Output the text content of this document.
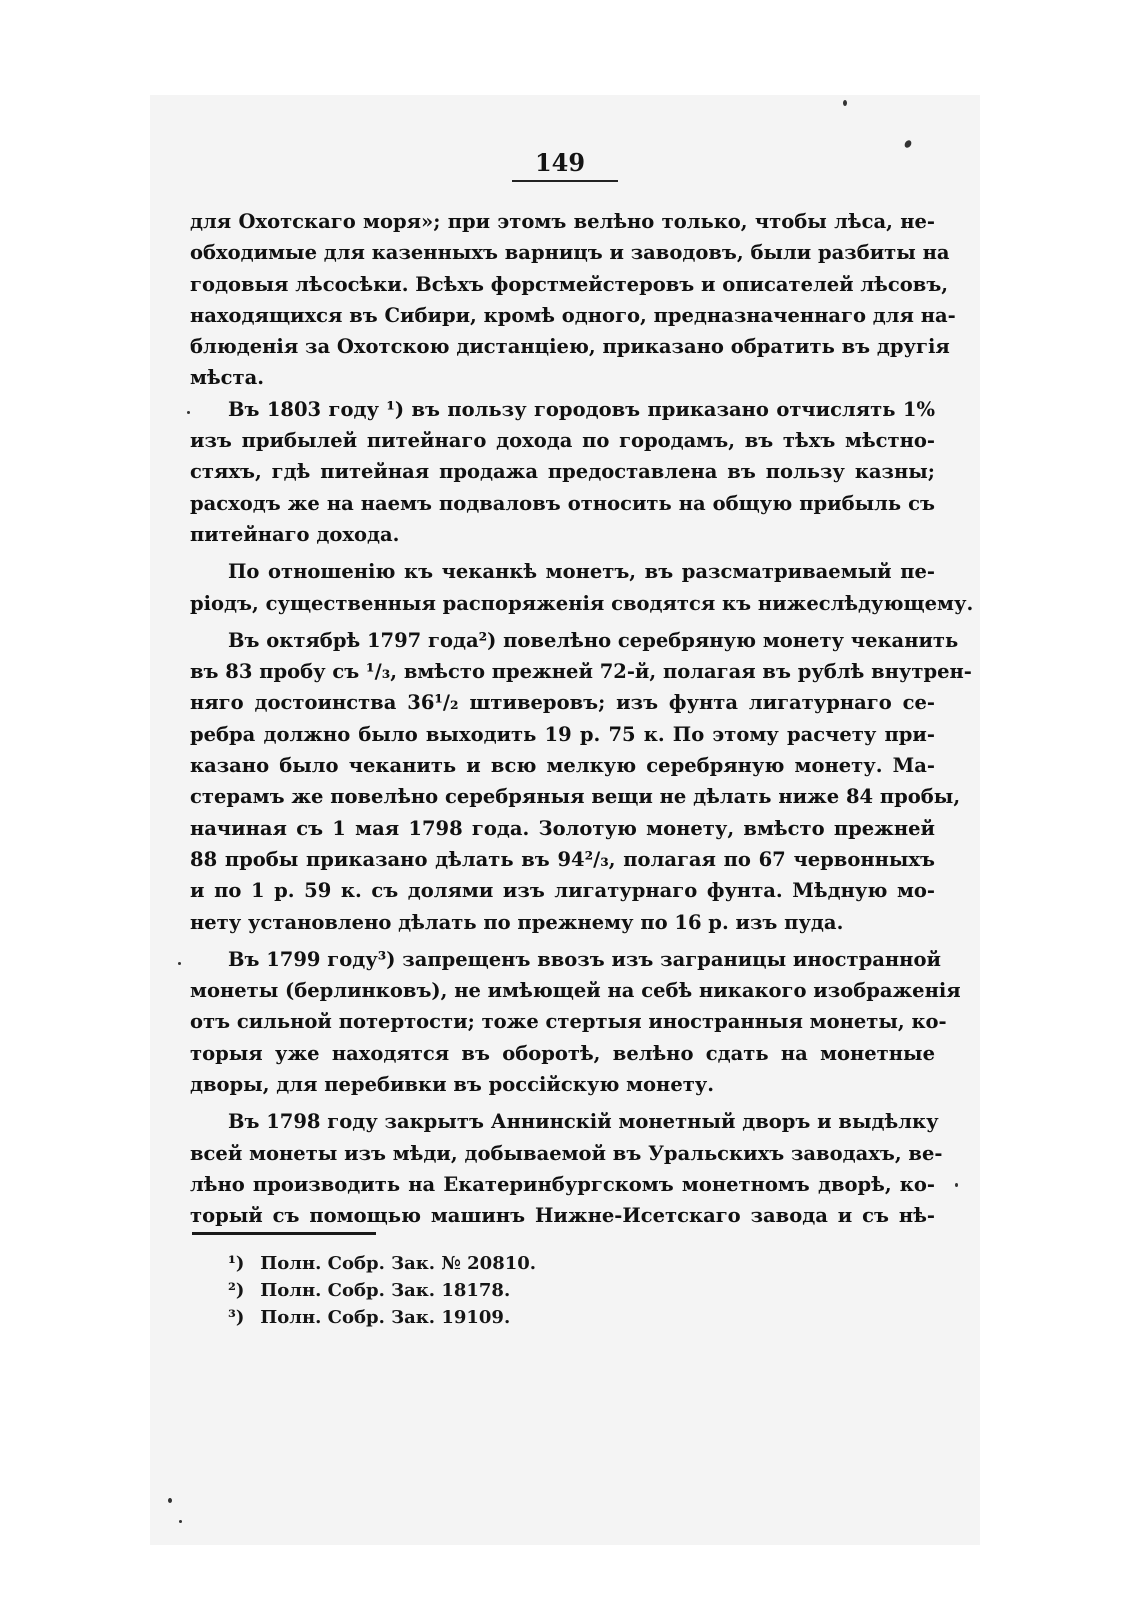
149
для Охотскаго моря»; при этомъ велѣно только, чтобы лѣса, не-
обходимые для казенныхъ варницъ и заводовъ, были разбиты на
годовыя лѣсосѣки. Всѣхъ форстмейстеровъ и описателей лѣсовъ,
находящихся въ Сибири, кромѣ одного, предназначеннаго для на-
блюденія за Охотскою дистанціею, приказано обратить въ другія
мѣста.
Въ 1803 году ¹) въ пользу городовъ приказано отчислять 1%
изъ прибылей питейнаго дохода по городамъ, въ тѣхъ мѣстно-
стяхъ, гдѣ питейная продажа предоставлена въ пользу казны;
расходъ же на наемъ подваловъ относить на общую прибыль съ
питейнаго дохода.
По отношенію къ чеканкѣ монетъ, въ разсматриваемый пе-
ріодъ, существенныя распоряженія сводятся къ нижеслѣдующему.
Въ октябрѣ 1797 года²) повелѣно серебряную монету чеканить
въ 83 пробу съ ¹/₃, вмѣсто прежней 72-й, полагая въ рублѣ внутрен-
няго достоинства 36¹/₂ штиверовъ; изъ фунта лигатурнаго се-
ребра должно было выходить 19 р. 75 к. По этому расчету при-
казано было чеканить и всю мелкую серебряную монету. Ма-
стерамъ же повелѣно серебряныя вещи не дѣлать ниже 84 пробы,
начиная съ 1 мая 1798 года. Золотую монету, вмѣсто прежней
88 пробы приказано дѣлать въ 94²/₃, полагая по 67 червонныхъ
и по 1 р. 59 к. съ долями изъ лигатурнаго фунта. Мѣдную мо-
нету установлено дѣлать по прежнему по 16 р. изъ пуда.
Въ 1799 году³) запрещенъ ввозъ изъ заграницы иностранной
монеты (берлинковъ), не имѣющей на себѣ никакого изображенія
отъ сильной потертости; тоже стертыя иностранныя монеты, ко-
торыя уже находятся въ оборотѣ, велѣно сдать на монетные
дворы, для перебивки въ россійскую монету.
Въ 1798 году закрытъ Аннинскій монетный дворъ и выдѣлку
всей монеты изъ мѣди, добываемой въ Уральскихъ заводахъ, ве-
лѣно производить на Екатеринбургскомъ монетномъ дворѣ, ко-
торый съ помощью машинъ Нижне-Исетскаго завода и съ нѣ-
¹) Полн. Собр. Зак. № 20810.
²) Полн. Собр. Зак. 18178.
³) Полн. Собр. Зак. 19109.
